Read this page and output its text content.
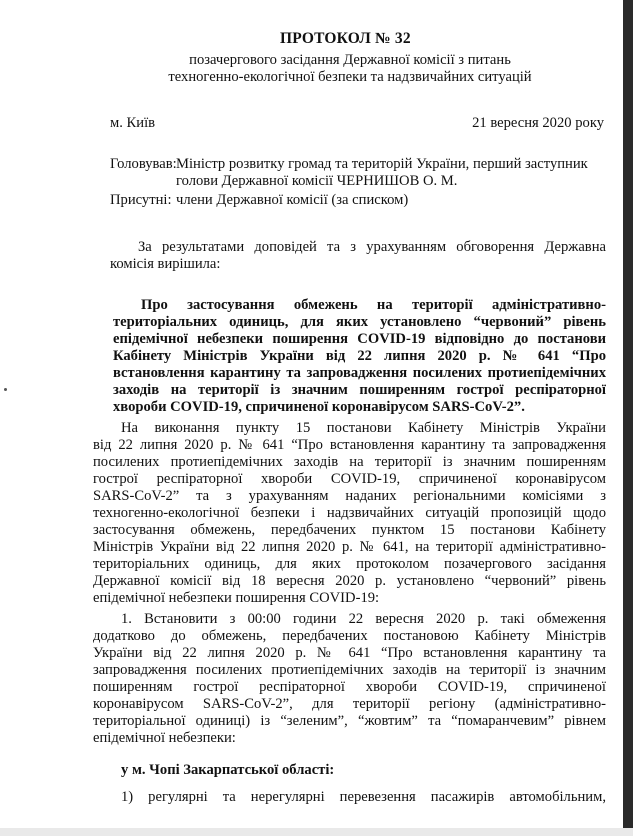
ПРОТОКОЛ № 32
позачергового засідання Державної комісії з питань
техногенно-екологічної безпеки та надзвичайних ситуацій
м. Київ	21 вересня 2020 року
Головував: Міністр розвитку громад та територій України, перший заступник
голови Державної комісії ЧЕРНИШОВ О. М.
Присутні: члени Державної комісії (за списком)
За результатами доповідей та з урахуванням обговорення Державна
комісія вирішила:
Про застосування обмежень на території адміністративно-
територіальних одиниць, для яких установлено “червоний” рівень
епідемічної небезпеки поширення COVID-19 відповідно до постанови
Кабінету Міністрів України від 22 липня 2020 р. № 641 “Про
встановлення карантину та запровадження посилених протиепідемічних
заходів на території із значним поширенням гострої респіраторної
хвороби COVID-19, спричиненої коронавірусом SARS-CoV-2”.
На виконання пункту 15 постанови Кабінету Міністрів України
від 22 липня 2020 р. № 641 “Про встановлення карантину та запровадження
посилених протиепідемічних заходів на території із значним поширенням
гострої респіраторної хвороби COVID-19, спричиненої коронавірусом
SARS-CoV-2” та з урахуванням наданих регіональними комісіями з
техногенно-екологічної безпеки і надзвичайних ситуацій пропозицій щодо
застосування обмежень, передбачених пунктом 15 постанови Кабінету
Міністрів України від 22 липня 2020 р. № 641, на території адміністративно-
територіальних одиниць, для яких протоколом позачергового засідання
Державної комісії від 18 вересня 2020 р. установлено “червоний” рівень
епідемічної небезпеки поширення COVID-19:
1. Встановити з 00:00 години 22 вересня 2020 р. такі обмеження
додатково до обмежень, передбачених постановою Кабінету Міністрів
України від 22 липня 2020 р. № 641 “Про встановлення карантину та
запровадження посилених протиепідемічних заходів на території із значним
поширенням гострої респіраторної хвороби COVID-19, спричиненої
коронавірусом SARS-CoV-2”, для території регіону (адміністративно-
територіальної одиниці) із “зеленим”, “жовтим” та “помаранчевим” рівнем
епідемічної небезпеки:
у м. Чопі Закарпатської області:
1) регулярні та нерегулярні перевезення пасажирів автомобільним,
